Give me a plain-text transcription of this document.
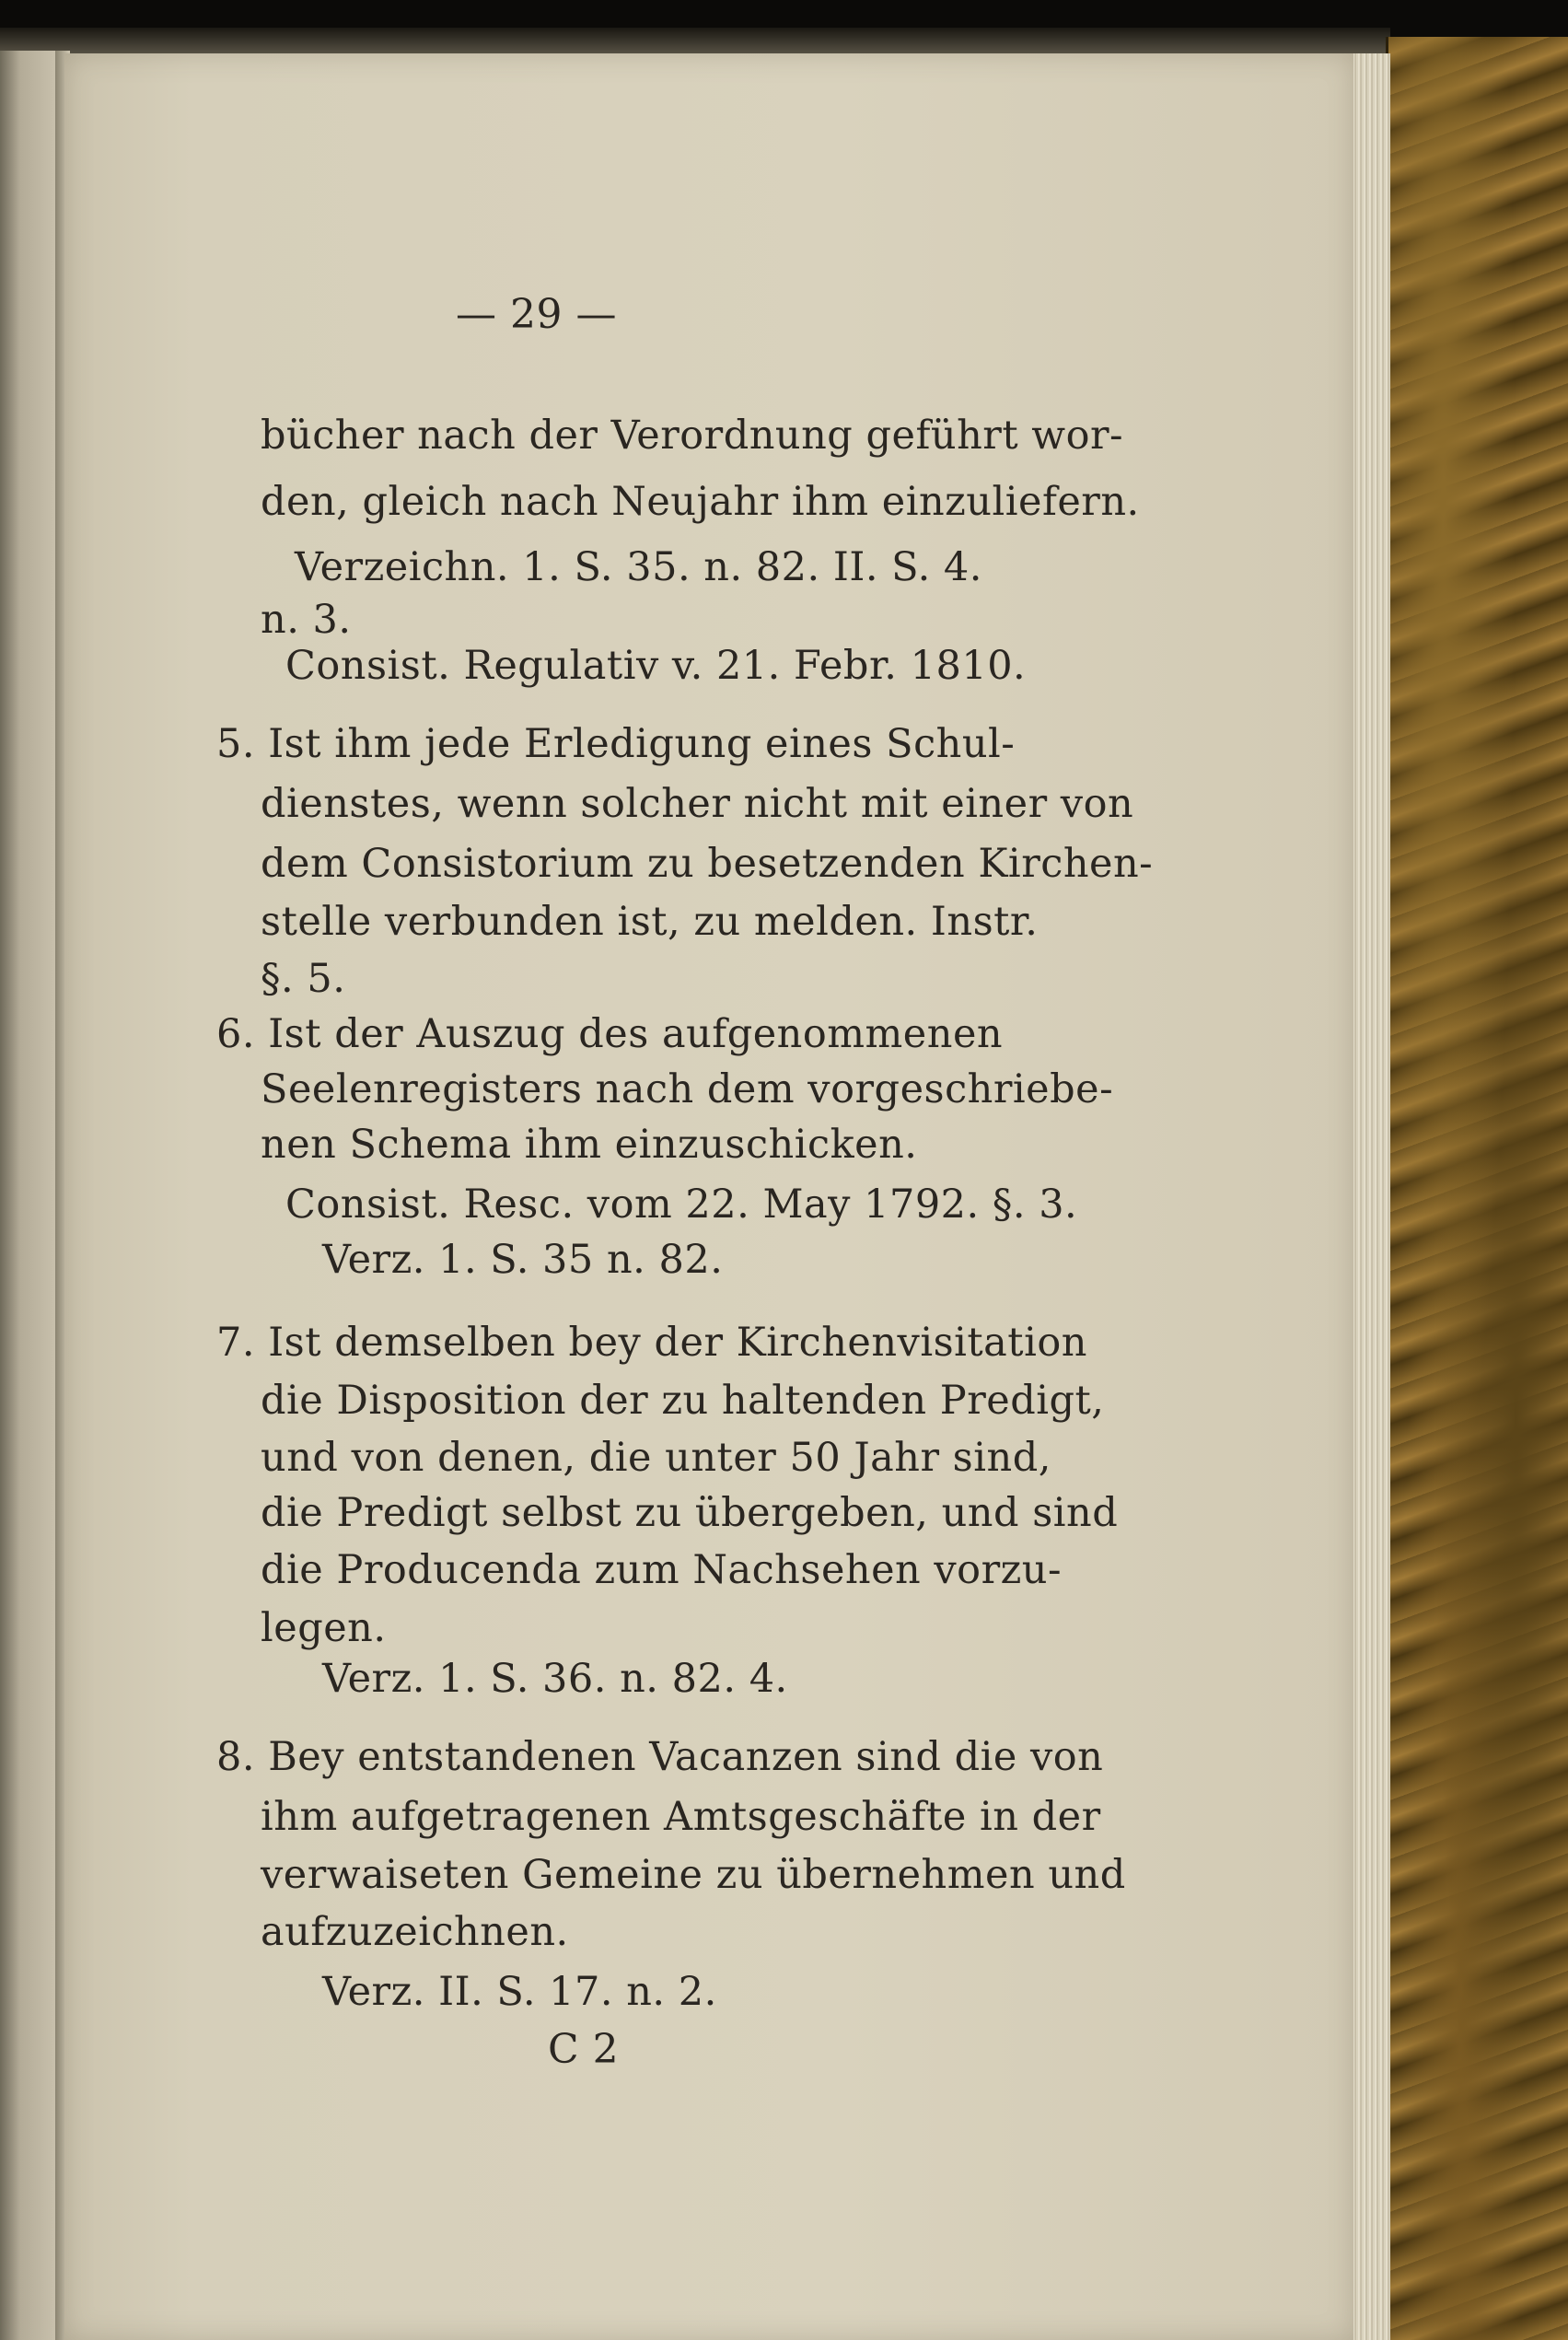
— 29 —
bücher nach der Verordnung geführt wor-
den, gleich nach Neujahr ihm einzuliefern.
Verzeichn. 1. S. 35. n. 82. II. S. 4.
n. 3.
Consist. Regulativ v. 21. Febr. 1810.
5. Ist ihm jede Erledigung eines Schul-
dienstes, wenn solcher nicht mit einer von
dem Consistorium zu besetzenden Kirchen-
stelle verbunden ist, zu melden. Instr.
§. 5.
6. Ist der Auszug des aufgenommenen
Seelenregisters nach dem vorgeschriebe-
nen Schema ihm einzuschicken.
Consist. Resc. vom 22. May 1792. §. 3.
Verz. 1. S. 35 n. 82.
7. Ist demselben bey der Kirchenvisitation
die Disposition der zu haltenden Predigt,
und von denen, die unter 50 Jahr sind,
die Predigt selbst zu übergeben, und sind
die Producenda zum Nachsehen vorzu-
legen.
Verz. 1. S. 36. n. 82. 4.
8. Bey entstandenen Vacanzen sind die von
ihm aufgetragenen Amtsgeschäfte in der
verwaiseten Gemeine zu übernehmen und
aufzuzeichnen.
Verz. II. S. 17. n. 2.
C 2
